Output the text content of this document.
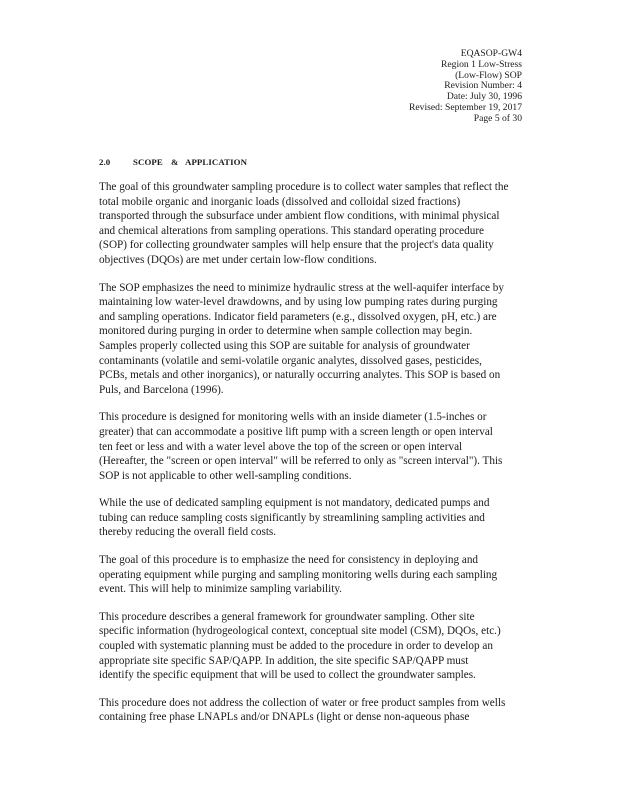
EQASOP-GW4
Region 1 Low-Stress
(Low-Flow) SOP
Revision Number: 4
Date: July 30, 1996
Revised: September 19, 2017
Page 5 of 30
2.0	SCOPE & APPLICATION

The goal of this groundwater sampling procedure is to collect water samples that reflect the
total mobile organic and inorganic loads (dissolved and colloidal sized fractions)
transported through the subsurface under ambient flow conditions, with minimal physical
and chemical alterations from sampling operations. This standard operating procedure
(SOP) for collecting groundwater samples will help ensure that the project's data quality
objectives (DQOs) are met under certain low-flow conditions.

The SOP emphasizes the need to minimize hydraulic stress at the well-aquifer interface by
maintaining low water-level drawdowns, and by using low pumping rates during purging
and sampling operations. Indicator field parameters (e.g., dissolved oxygen, pH, etc.) are
monitored during purging in order to determine when sample collection may begin.
Samples properly collected using this SOP are suitable for analysis of groundwater
contaminants (volatile and semi-volatile organic analytes, dissolved gases, pesticides,
PCBs, metals and other inorganics), or naturally occurring analytes. This SOP is based on
Puls, and Barcelona (1996).

This procedure is designed for monitoring wells with an inside diameter (1.5-inches or
greater) that can accommodate a positive lift pump with a screen length or open interval
ten feet or less and with a water level above the top of the screen or open interval
(Hereafter, the "screen or open interval" will be referred to only as "screen interval"). This
SOP is not applicable to other well-sampling conditions.

While the use of dedicated sampling equipment is not mandatory, dedicated pumps and
tubing can reduce sampling costs significantly by streamlining sampling activities and
thereby reducing the overall field costs.

The goal of this procedure is to emphasize the need for consistency in deploying and
operating equipment while purging and sampling monitoring wells during each sampling
event. This will help to minimize sampling variability.

This procedure describes a general framework for groundwater sampling. Other site
specific information (hydrogeological context, conceptual site model (CSM), DQOs, etc.)
coupled with systematic planning must be added to the procedure in order to develop an
appropriate site specific SAP/QAPP. In addition, the site specific SAP/QAPP must
identify the specific equipment that will be used to collect the groundwater samples.

This procedure does not address the collection of water or free product samples from wells
containing free phase LNAPLs and/or DNAPLs (light or dense non-aqueous phase
